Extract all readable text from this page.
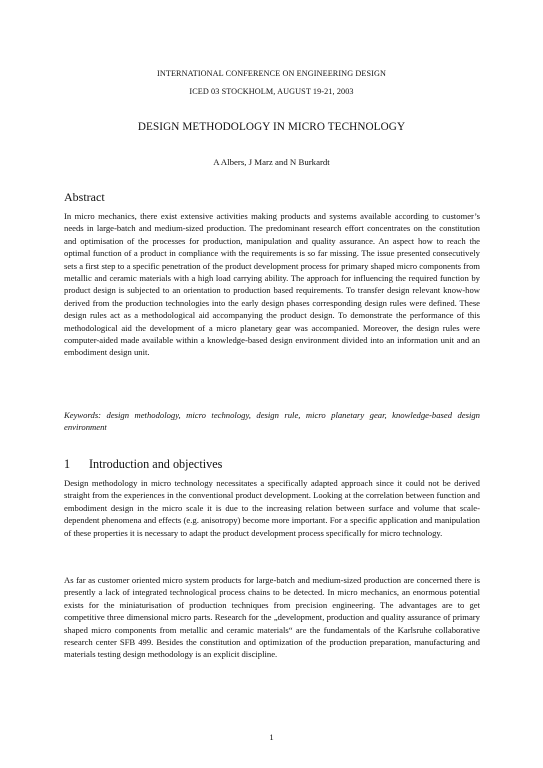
INTERNATIONAL CONFERENCE ON ENGINEERING DESIGN
ICED 03 STOCKHOLM, AUGUST 19-21, 2003
DESIGN METHODOLOGY IN MICRO TECHNOLOGY
A Albers, J Marz and N Burkardt
Abstract

In micro mechanics, there exist extensive activities making products and systems available according to customer’s needs in large-batch and medium-sized production. The predominant research effort concentrates on the constitution and optimisation of the processes for production, manipulation and quality assurance. An aspect how to reach the optimal function of a product in compliance with the requirements is so far missing. The issue presented consecutively sets a first step to a specific penetration of the product development process for primary shaped micro components from metallic and ceramic materials with a high load carrying ability. The approach for influencing the required function by product design is subjected to an orientation to production based requirements. To transfer design relevant know-how derived from the production technologies into the early design phases corresponding design rules were defined. These design rules act as a methodological aid accompanying the product design. To demonstrate the performance of this methodological aid the development of a micro planetary gear was accompanied. Moreover, the design rules were computer-aided made available within a knowledge-based design environment divided into an information unit and an embodiment design unit.

Keywords: design methodology, micro technology, design rule, micro planetary gear, knowledge-based design environment

1 Introduction and objectives

Design methodology in micro technology necessitates a specifically adapted approach since it could not be derived straight from the experiences in the conventional product development. Looking at the correlation between function and embodiment design in the micro scale it is due to the increasing relation between surface and volume that scale-dependent phenomena and effects (e.g. anisotropy) become more important. For a specific application and manipulation of these properties it is necessary to adapt the product development process specifically for micro technology.

As far as customer oriented micro system products for large-batch and medium-sized production are concerned there is presently a lack of integrated technological process chains to be detected. In micro mechanics, an enormous potential exists for the miniaturisation of production techniques from precision engineering. The advantages are to get competitive three dimensional micro parts. Research for the „development, production and quality assurance of primary shaped micro components from metallic and ceramic materials“ are the fundamentals of the Karlsruhe collaborative research center SFB 499. Besides the constitution and optimization of the production preparation, manufacturing and materials testing design methodology is an explicit discipline.

1
